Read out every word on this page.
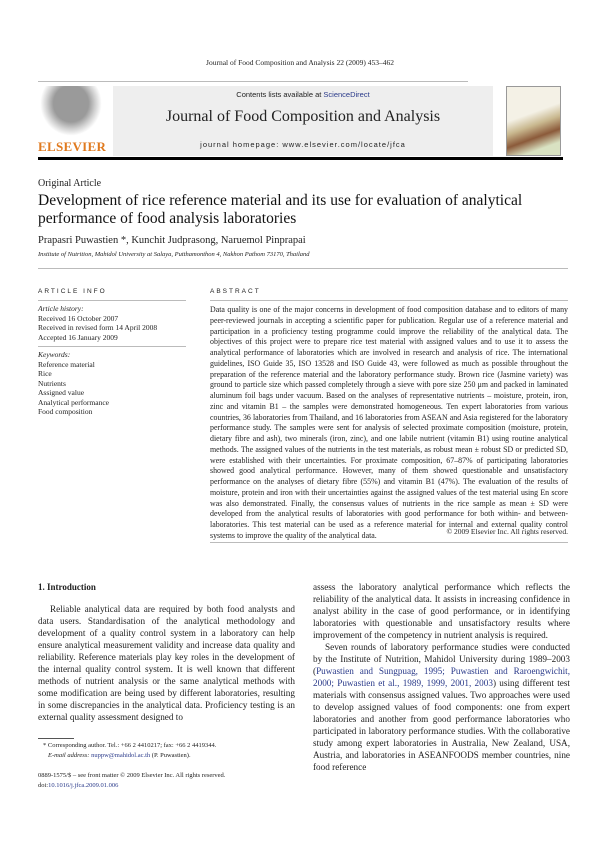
Journal of Food Composition and Analysis 22 (2009) 453–462
ELSEVIER
Contents lists available at ScienceDirect
Journal of Food Composition and Analysis
journal homepage: www.elsevier.com/locate/jfca
Original Article
Development of rice reference material and its use for evaluation of analytical performance of food analysis laboratories
Prapasri Puwastien *, Kunchit Judprasong, Naruemol Pinprapai
Institute of Nutrition, Mahidol University at Salaya, Putthamonthon 4, Nakhon Pathom 73170, Thailand
ARTICLE INFO
Article history:
Received 16 October 2007
Received in revised form 14 April 2008
Accepted 16 January 2009
Keywords:
Reference material
Rice
Nutrients
Assigned value
Analytical performance
Food composition
ABSTRACT
Data quality is one of the major concerns in development of food composition database and to editors of many peer-reviewed journals in accepting a scientific paper for publication. Regular use of a reference material and participation in a proficiency testing programme could improve the reliability of the analytical data. The objectives of this project were to prepare rice test material with assigned values and to use it to assess the analytical performance of laboratories which are involved in research and analysis of rice. The international guidelines, ISO Guide 35, ISO 13528 and ISO Guide 43, were followed as much as possible throughout the preparation of the reference material and the laboratory performance study. Brown rice (Jasmine variety) was ground to particle size which passed completely through a sieve with pore size 250 μm and packed in laminated aluminum foil bags under vacuum. Based on the analyses of representative nutrients – moisture, protein, iron, zinc and vitamin B1 – the samples were demonstrated homogeneous. Ten expert laboratories from various countries, 36 laboratories from Thailand, and 16 laboratories from ASEAN and Asia registered for the laboratory performance study. The samples were sent for analysis of selected proximate composition (moisture, protein, dietary fibre and ash), two minerals (iron, zinc), and one labile nutrient (vitamin B1) using routine analytical methods. The assigned values of the nutrients in the test materials, as robust mean ± robust SD or predicted SD, were established with their uncertainties. For proximate composition, 67–87% of participating laboratories showed good analytical performance. However, many of them showed questionable and unsatisfactory performance on the analyses of dietary fibre (55%) and vitamin B1 (47%). The evaluation of the results of moisture, protein and iron with their uncertainties against the assigned values of the test material using En score was also demonstrated. Finally, the consensus values of nutrients in the rice sample as mean ± SD were developed from the analytical results of laboratories with good performance for both within- and between-laboratories. This test material can be used as a reference material for internal and external quality control systems to improve the quality of the analytical data.	© 2009 Elsevier Inc. All rights reserved.
1. Introduction
Reliable analytical data are required by both food analysts and data users. Standardisation of the analytical methodology and development of a quality control system in a laboratory can help ensure analytical measurement validity and increase data quality and reliability. Reference materials play key roles in the development of the internal quality control system. It is well known that different methods of nutrient analysis or the same analytical methods with some modification are being used by different laboratories, resulting in some discrepancies in the analytical data. Proficiency testing is an external quality assessment designed to
assess the laboratory analytical performance which reflects the reliability of the analytical data. It assists in increasing confidence in analyst ability in the case of good performance, or in identifying laboratories with questionable and unsatisfactory results where improvement of the competency in nutrient analysis is required.
Seven rounds of laboratory performance studies were conducted by the Institute of Nutrition, Mahidol University during 1989–2003 (Puwastien and Sungpuag, 1995; Puwastien and Raroengwichit, 2000; Puwastien et al., 1989, 1999, 2001, 2003) using different test materials with consensus assigned values. Two approaches were used to develop assigned values of food components: one from expert laboratories and another from good performance laboratories who participated in laboratory performance studies. With the collaborative study among expert laboratories in Australia, New Zealand, USA, Austria, and laboratories in ASEANFOODS member countries, nine food reference
* Corresponding author. Tel.: +66 2 4410217; fax: +66 2 4419344.
E-mail address: nuppw@mahidol.ac.th (P. Puwastien).
0889-1575/$ – see front matter © 2009 Elsevier Inc. All rights reserved.
doi:10.1016/j.jfca.2009.01.006
